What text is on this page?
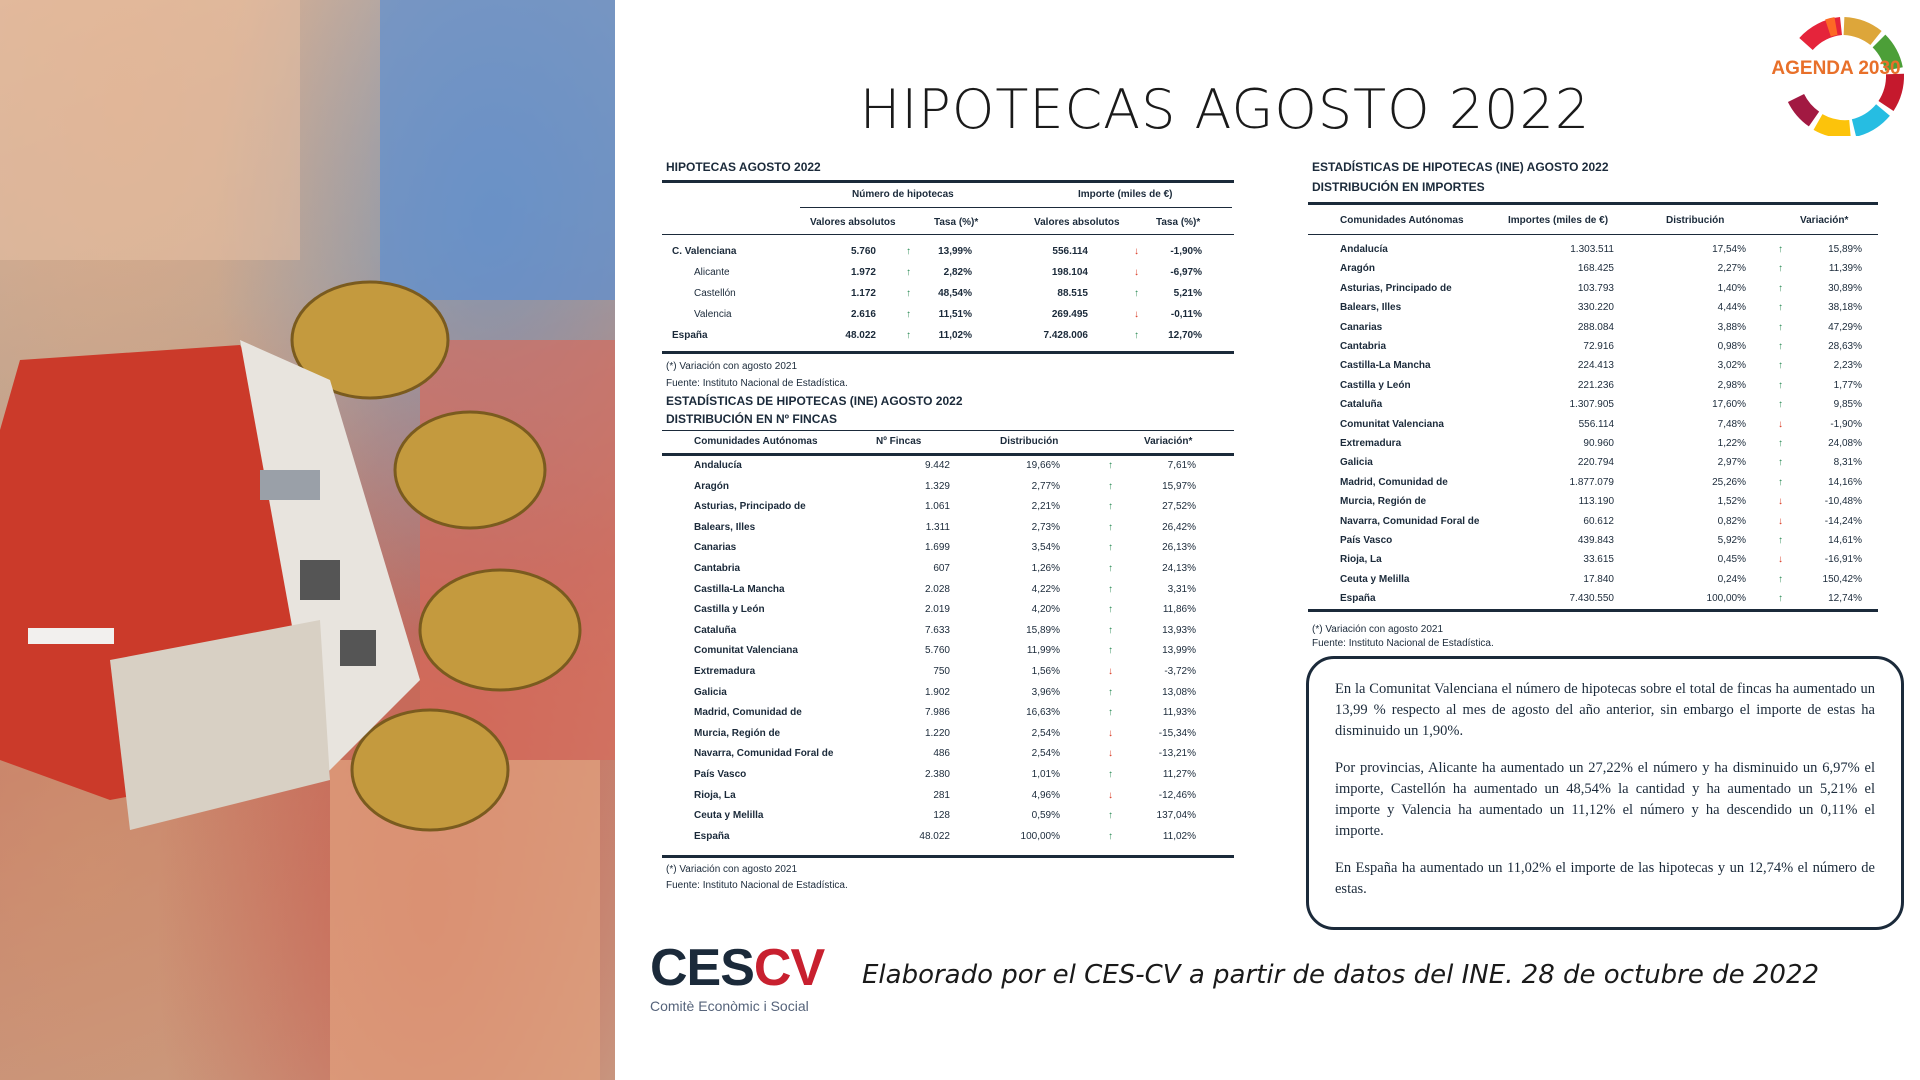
HIPOTECAS AGOSTO 2022
AGENDA 2030
HIPOTECAS AGOSTO 2022
Número de hipotecas	Importe (miles de €)
Valores absolutos	Tasa (%)*	Valores absolutos	Tasa (%)*
C. Valenciana	5.760	↑	13,99%	556.114	↓	-1,90%
Alicante	1.972	↑	2,82%	198.104	↓	-6,97%
Castellón	1.172	↑	48,54%	88.515	↑	5,21%
Valencia	2.616	↑	11,51%	269.495	↓	-0,11%
España	48.022	↑	11,02%	7.428.006	↑	12,70%
(*) Variación con agosto 2021
Fuente: Instituto Nacional de Estadística.
ESTADÍSTICAS DE HIPOTECAS (INE) AGOSTO 2022
DISTRIBUCIÓN EN Nº FINCAS
Comunidades Autónomas	Nº Fincas	Distribución	Variación*
Andalucía	9.442	19,66%	↑	7,61%
Aragón	1.329	2,77%	↑	15,97%
Asturias, Principado de	1.061	2,21%	↑	27,52%
Balears, Illes	1.311	2,73%	↑	26,42%
Canarias	1.699	3,54%	↑	26,13%
Cantabria	607	1,26%	↑	24,13%
Castilla-La Mancha	2.028	4,22%	↑	3,31%
Castilla y León	2.019	4,20%	↑	11,86%
Cataluña	7.633	15,89%	↑	13,93%
Comunitat Valenciana	5.760	11,99%	↑	13,99%
Extremadura	750	1,56%	↓	-3,72%
Galicia	1.902	3,96%	↑	13,08%
Madrid, Comunidad de	7.986	16,63%	↑	11,93%
Murcia, Región de	1.220	2,54%	↓	-15,34%
Navarra, Comunidad Foral de	486	2,54%	↓	-13,21%
País Vasco	2.380	1,01%	↑	11,27%
Rioja, La	281	4,96%	↓	-12,46%
Ceuta y Melilla	128	0,59%	↑	137,04%
España	48.022	100,00%	↑	11,02%
(*) Variación con agosto 2021
Fuente: Instituto Nacional de Estadística.
ESTADÍSTICAS DE HIPOTECAS (INE) AGOSTO 2022
DISTRIBUCIÓN EN IMPORTES
Comunidades Autónomas	Importes (miles de €)	Distribución	Variación*
Andalucía	1.303.511	17,54%	↑	15,89%
Aragón	168.425	2,27%	↑	11,39%
Asturias, Principado de	103.793	1,40%	↑	30,89%
Balears, Illes	330.220	4,44%	↑	38,18%
Canarias	288.084	3,88%	↑	47,29%
Cantabria	72.916	0,98%	↑	28,63%
Castilla-La Mancha	224.413	3,02%	↑	2,23%
Castilla y León	221.236	2,98%	↑	1,77%
Cataluña	1.307.905	17,60%	↑	9,85%
Comunitat Valenciana	556.114	7,48%	↓	-1,90%
Extremadura	90.960	1,22%	↑	24,08%
Galicia	220.794	2,97%	↑	8,31%
Madrid, Comunidad de	1.877.079	25,26%	↑	14,16%
Murcia, Región de	113.190	1,52%	↓	-10,48%
Navarra, Comunidad Foral de	60.612	0,82%	↓	-14,24%
País Vasco	439.843	5,92%	↑	14,61%
Rioja, La	33.615	0,45%	↓	-16,91%
Ceuta y Melilla	17.840	0,24%	↑	150,42%
España	7.430.550	100,00%	↑	12,74%
(*) Variación con agosto 2021
Fuente: Instituto Nacional de Estadística.

En la Comunitat Valenciana el número de hipotecas sobre el total de fincas ha aumentado un 13,99 % respecto al mes de agosto del año anterior, sin embargo el importe de estas ha disminuido un 1,90%.

Por provincias, Alicante ha aumentado un 27,22% el número y ha disminuido un 6,97% el importe, Castellón ha aumentado un 48,54% la cantidad y ha aumentado un 5,21% el importe y Valencia ha aumentado un 11,12% el número y ha descendido un 0,11% el importe.

En España ha aumentado un 11,02% el importe de las hipotecas y un 12,74% el número de estas.

CESCV
Comitè Econòmic i Social
Elaborado por el CES-CV a partir de datos del INE. 28 de octubre de 2022
